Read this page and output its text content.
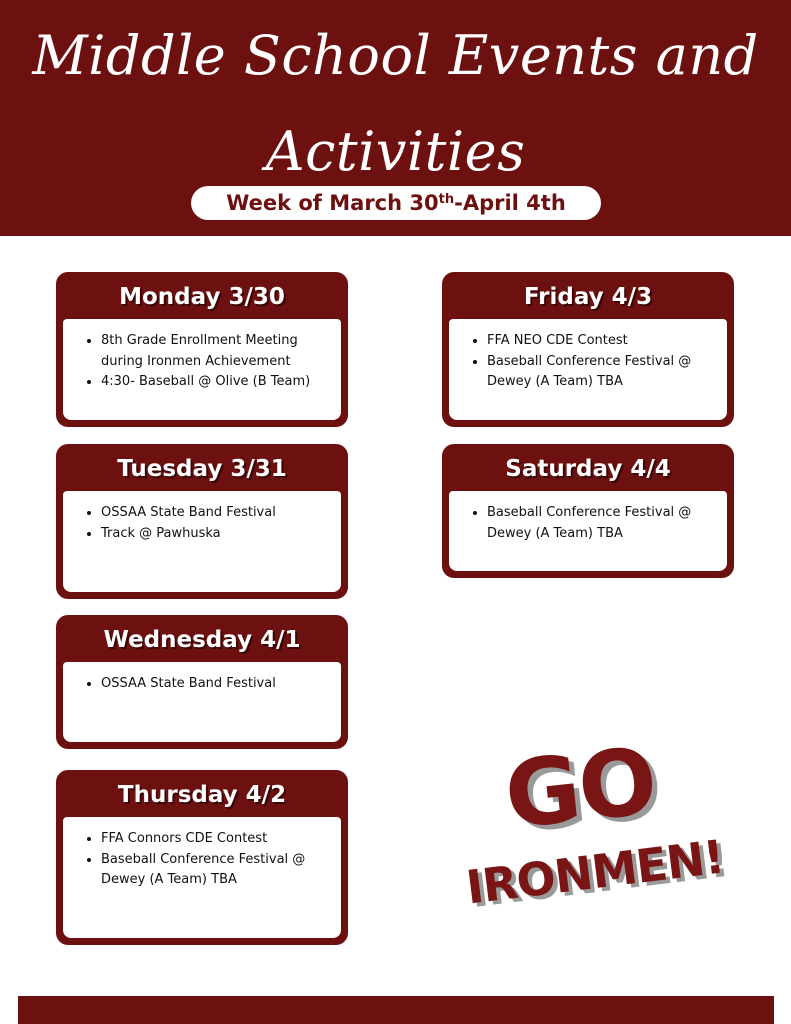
Middle School Events and
Activities
Week of March 30th-April 4th
Monday 3/30
• 8th Grade Enrollment Meeting during Ironmen Achievement
• 4:30- Baseball @ Olive (B Team)
Tuesday 3/31
• OSSAA State Band Festival
• Track @ Pawhuska
Wednesday 4/1
• OSSAA State Band Festival
Thursday 4/2
• FFA Connors CDE Contest
• Baseball Conference Festival @ Dewey (A Team) TBA
Friday 4/3
• FFA NEO CDE Contest
• Baseball Conference Festival @ Dewey (A Team) TBA
Saturday 4/4
• Baseball Conference Festival @ Dewey (A Team) TBA
GO
IRONMEN!
